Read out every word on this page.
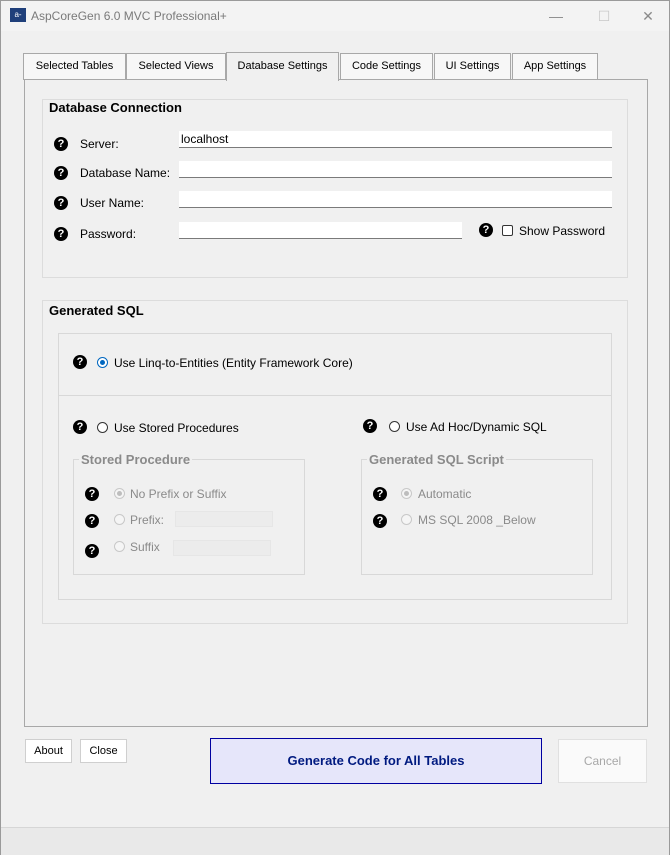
a- AspCoreGen 6.0 MVC Professional+	—	☐	✕
Selected Tables	Selected Views	Database Settings	Code Settings	UI Settings	App Settings
Database Connection
?	Server:	localhost
?	Database Name:
?	User Name:
?	Password:	?	Show Password
Generated SQL
?	Use Linq-to-Entities (Entity Framework Core)
?	Use Stored Procedures	?	Use Ad Hoc/Dynamic SQL
Stored Procedure
?	No Prefix or Suffix
?	Prefix:
?	Suffix
Generated SQL Script
?	Automatic
?	MS SQL 2008 _Below
About	Close
Generate Code for All Tables	Cancel
